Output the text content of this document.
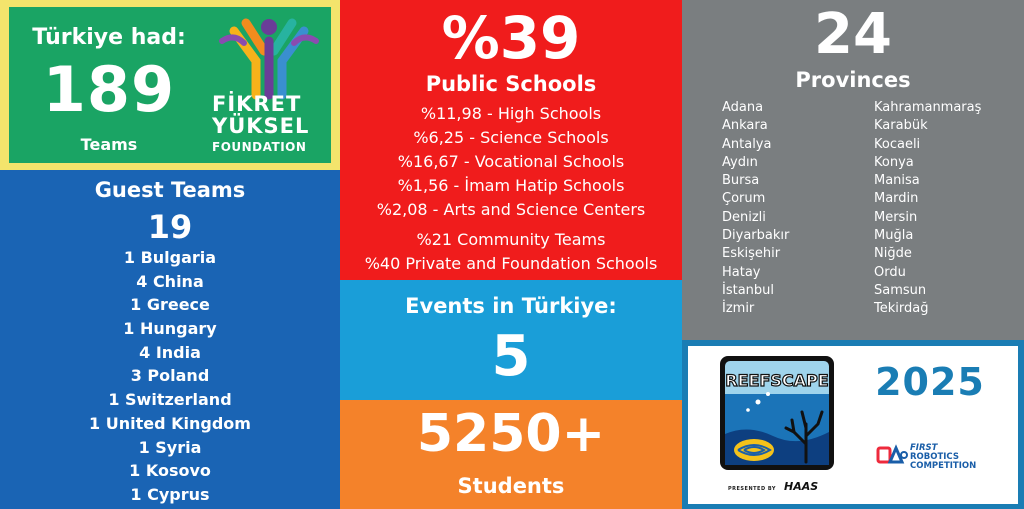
Türkiye had:
189
Teams
FİKRET
YÜKSEL
FOUNDATION
Guest Teams
19
1 Bulgaria
4 China
1 Greece
1 Hungary
4 India
3 Poland
1 Switzerland
1 United Kingdom
1 Syria
1 Kosovo
1 Cyprus
%39
Public Schools
%11,98 - High Schools
%6,25 - Science Schools
%16,67 - Vocational Schools
%1,56 - İmam Hatip Schools
%2,08 - Arts and Science Centers
%21 Community Teams
%40 Private and Foundation Schools
Events in Türkiye:
5
5250+
Students
24
Provinces
Adana
Ankara
Antalya
Aydın
Bursa
Çorum
Denizli
Diyarbakır
Eskişehir
Hatay
İstanbul
İzmir
Kahramanmaraş
Karabük
Kocaeli
Konya
Manisa
Mardin
Mersin
Muğla
Niğde
Ordu
Samsun
Tekirdağ
REEFSCAPE
PRESENTED BY HAAS
2025
FIRST
ROBOTICS
COMPETITION
